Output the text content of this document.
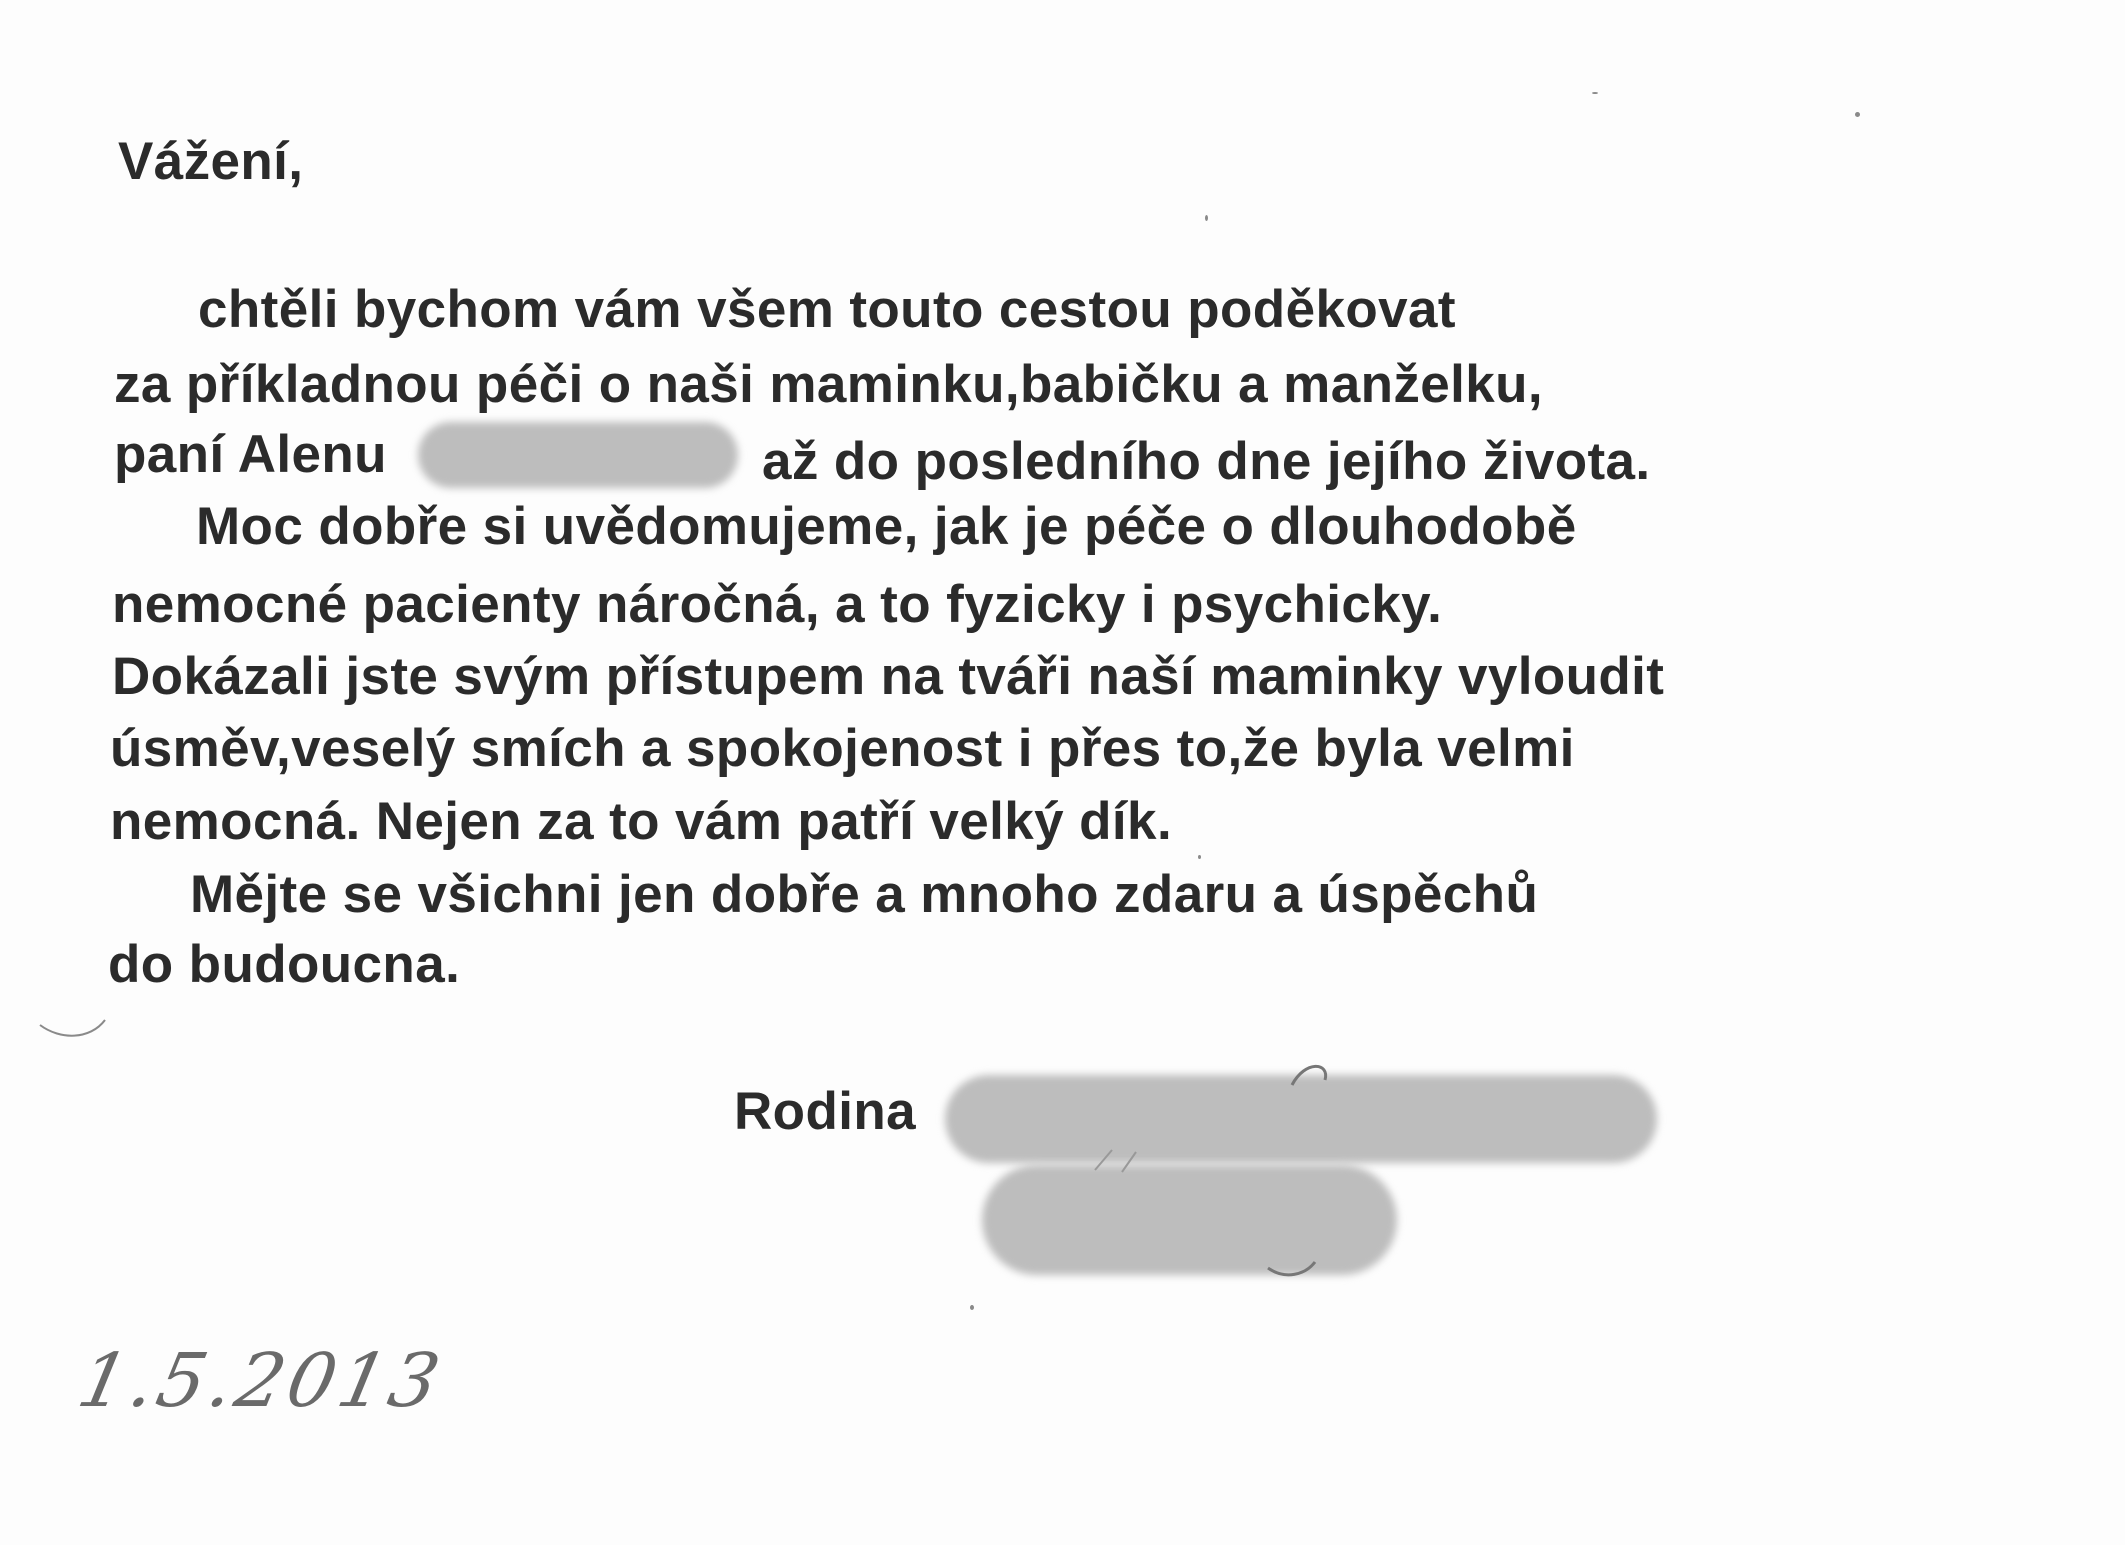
Vážení,
chtěli bychom vám všem touto cestou poděkovat
za příkladnou péči o naši maminku,babičku a manželku,
paní Alenu	až do posledního dne jejího života.
Moc dobře si uvědomujeme, jak je péče o dlouhodobě
nemocné pacienty náročná, a to fyzicky i psychicky.
Dokázali jste svým přístupem na tváři naší maminky vyloudit
úsměv,veselý smích a spokojenost i přes to,že byla velmi
nemocná. Nejen za to vám patří velký dík.
Mějte se všichni jen dobře a mnoho zdaru a úspěchů
do budoucna.
Rodina
1.5.2013
